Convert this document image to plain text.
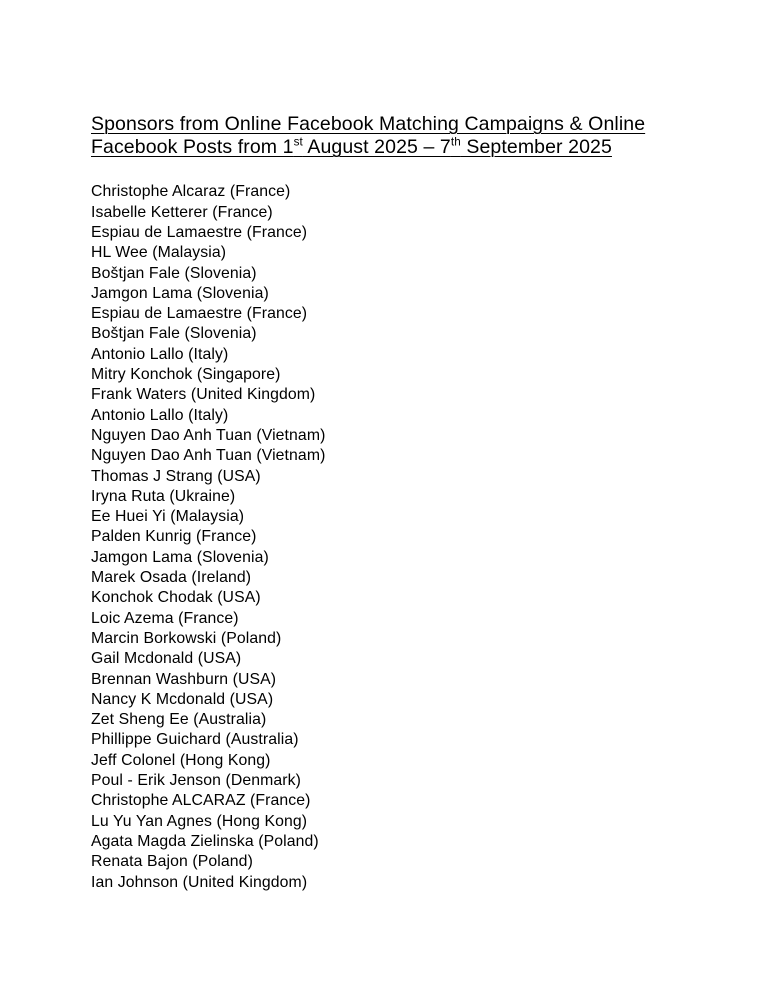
Sponsors from Online Facebook Matching Campaigns & Online
Facebook Posts from 1st August 2025 – 7th September 2025
Christophe Alcaraz (France)
Isabelle Ketterer (France)
Espiau de Lamaestre (France)
HL Wee (Malaysia)
Boštjan Fale (Slovenia)
Jamgon Lama (Slovenia)
Espiau de Lamaestre (France)
Boštjan Fale (Slovenia)
Antonio Lallo (Italy)
Mitry Konchok (Singapore)
Frank Waters (United Kingdom)
Antonio Lallo (Italy)
Nguyen Dao Anh Tuan (Vietnam)
Nguyen Dao Anh Tuan (Vietnam)
Thomas J Strang (USA)
Iryna Ruta (Ukraine)
Ee Huei Yi (Malaysia)
Palden Kunrig (France)
Jamgon Lama (Slovenia)
Marek Osada (Ireland)
Konchok Chodak (USA)
Loic Azema (France)
Marcin Borkowski (Poland)
Gail Mcdonald (USA)
Brennan Washburn (USA)
Nancy K Mcdonald (USA)
Zet Sheng Ee (Australia)
Phillippe Guichard (Australia)
Jeff Colonel (Hong Kong)
Poul - Erik Jenson (Denmark)
Christophe ALCARAZ (France)
Lu Yu Yan Agnes (Hong Kong)
Agata Magda Zielinska (Poland)
Renata Bajon (Poland)
Ian Johnson (United Kingdom)
